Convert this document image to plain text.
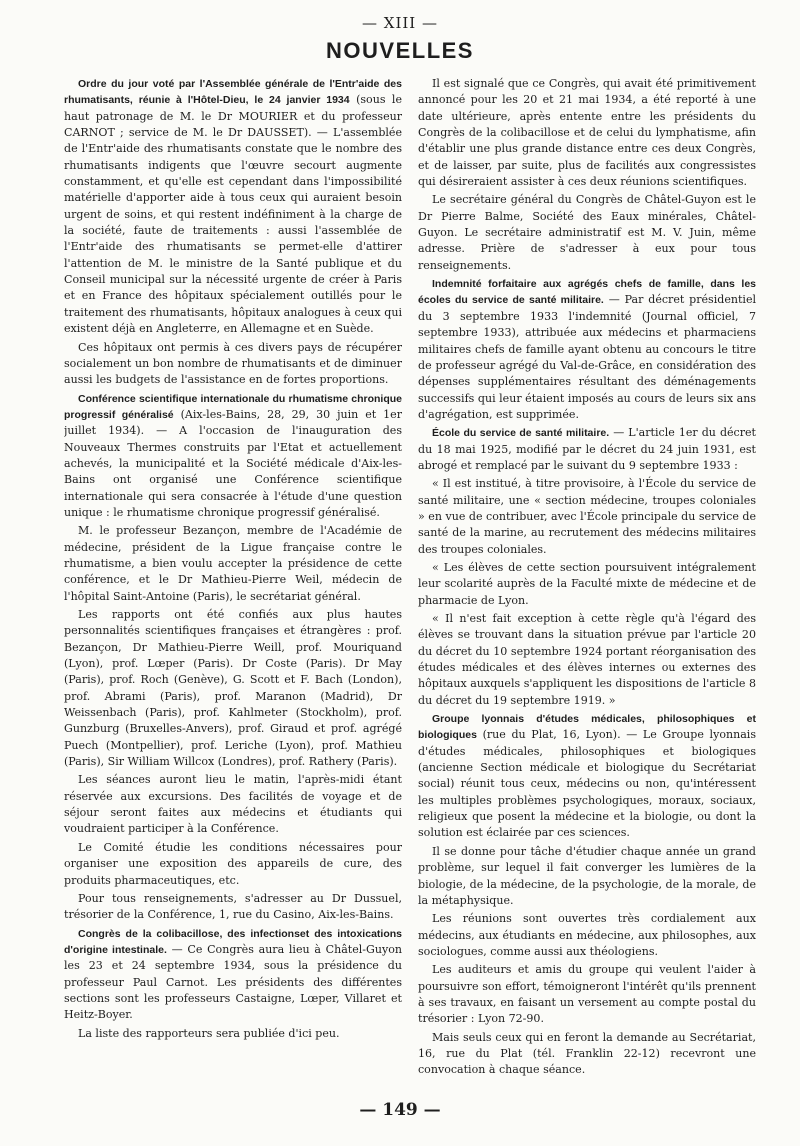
— XIII —
NOUVELLES

Ordre du jour voté par l'Assemblée générale de l'Entr'aide des rhumatisants, réunie à l'Hôtel-Dieu, le 24 janvier 1934 (sous le haut patronage de M. le Dr MOURIER et du professeur CARNOT ; service de M. le Dr DAUSSET). — L'assemblée de l'Entr'aide des rhumatisants constate que le nombre des rhumatisants indigents que l'œuvre secourt augmente constamment, et qu'elle est cependant dans l'impossibilité matérielle d'apporter aide à tous ceux qui auraient besoin urgent de soins, et qui restent indéfiniment à la charge de la société, faute de traitements : aussi l'assemblée de l'Entr'aide des rhumatisants se permet-elle d'attirer l'attention de M. le ministre de la Santé publique et du Conseil municipal sur la nécessité urgente de créer à Paris et en France des hôpitaux spécialement outillés pour le traitement des rhumatisants, hôpitaux analogues à ceux qui existent déjà en Angleterre, en Allemagne et en Suède.

Ces hôpitaux ont permis à ces divers pays de récupérer socialement un bon nombre de rhumatisants et de diminuer aussi les budgets de l'assistance en de fortes proportions.

Conférence scientifique internationale du rhumatisme chronique progressif généralisé (Aix-les-Bains, 28, 29, 30 juin et 1er juillet 1934). — A l'occasion de l'inauguration des Nouveaux Thermes construits par l'Etat et actuellement achevés, la municipalité et la Société médicale d'Aix-les-Bains ont organisé une Conférence scientifique internationale qui sera consacrée à l'étude d'une question unique : le rhumatisme chronique progressif généralisé.

M. le professeur Bezançon, membre de l'Académie de médecine, président de la Ligue française contre le rhumatisme, a bien voulu accepter la présidence de cette conférence, et le Dr Mathieu-Pierre Weil, médecin de l'hôpital Saint-Antoine (Paris), le secrétariat général.

Les rapports ont été confiés aux plus hautes personnalités scientifiques françaises et étrangères : prof. Bezançon, Dr Mathieu-Pierre Weill, prof. Mouriquand (Lyon), prof. Lœper (Paris). Dr Coste (Paris). Dr May (Paris), prof. Roch (Genève), G. Scott et F. Bach (London), prof. Abrami (Paris), prof. Maranon (Madrid), Dr Weissenbach (Paris), prof. Kahlmeter (Stockholm), prof. Gunzburg (Bruxelles-Anvers), prof. Giraud et prof. agrégé Puech (Montpellier), prof. Leriche (Lyon), prof. Mathieu (Paris), Sir William Willcox (Londres), prof. Rathery (Paris).

Les séances auront lieu le matin, l'après-midi étant réservée aux excursions. Des facilités de voyage et de séjour seront faites aux médecins et étudiants qui voudraient participer à la Conférence.

Le Comité étudie les conditions nécessaires pour organiser une exposition des appareils de cure, des produits pharmaceutiques, etc.

Pour tous renseignements, s'adresser au Dr Dussuel, trésorier de la Conférence, 1, rue du Casino, Aix-les-Bains.

Congrès de la colibacillose, des infectionset des intoxications d'origine intestinale. — Ce Congrès aura lieu à Châtel-Guyon les 23 et 24 septembre 1934, sous la présidence du professeur Paul Carnot. Les présidents des différentes sections sont les professeurs Castaigne, Lœper, Villaret et Heitz-Boyer.

La liste des rapporteurs sera publiée d'ici peu.

Il est signalé que ce Congrès, qui avait été primitivement annoncé pour les 20 et 21 mai 1934, a été reporté à une date ultérieure, après entente entre les présidents du Congrès de la colibacillose et de celui du lymphatisme, afin d'établir une plus grande distance entre ces deux Congrès, et de laisser, par suite, plus de facilités aux congressistes qui désireraient assister à ces deux réunions scientifiques.

Le secrétaire général du Congrès de Châtel-Guyon est le Dr Pierre Balme, Société des Eaux minérales, Châtel-Guyon. Le secrétaire administratif est M. V. Juin, même adresse. Prière de s'adresser à eux pour tous renseignements.

Indemnité forfaitaire aux agrégés chefs de famille, dans les écoles du service de santé militaire. — Par décret présidentiel du 3 septembre 1933 l'indemnité (Journal officiel, 7 septembre 1933), attribuée aux médecins et pharmaciens militaires chefs de famille ayant obtenu au concours le titre de professeur agrégé du Val-de-Grâce, en considération des dépenses supplémentaires résultant des déménagements successifs qui leur étaient imposés au cours de leurs six ans d'agrégation, est supprimée.

École du service de santé militaire. — L'article 1er du décret du 18 mai 1925, modifié par le décret du 24 juin 1931, est abrogé et remplacé par le suivant du 9 septembre 1933 :

« Il est institué, à titre provisoire, à l'École du service de santé militaire, une « section médecine, troupes coloniales » en vue de contribuer, avec l'École principale du service de santé de la marine, au recrutement des médecins militaires des troupes coloniales.

« Les élèves de cette section poursuivent intégralement leur scolarité auprès de la Faculté mixte de médecine et de pharmacie de Lyon.

« Il n'est fait exception à cette règle qu'à l'égard des élèves se trouvant dans la situation prévue par l'article 20 du décret du 10 septembre 1924 portant réorganisation des études médicales et des élèves internes ou externes des hôpitaux auxquels s'appliquent les dispositions de l'article 8 du décret du 19 septembre 1919. »

Groupe lyonnais d'études médicales, philosophiques et biologiques (rue du Plat, 16, Lyon). — Le Groupe lyonnais d'études médicales, philosophiques et biologiques (ancienne Section médicale et biologique du Secrétariat social) réunit tous ceux, médecins ou non, qu'intéressent les multiples problèmes psychologiques, moraux, sociaux, religieux que posent la médecine et la biologie, ou dont la solution est éclairée par ces sciences.

Il se donne pour tâche d'étudier chaque année un grand problème, sur lequel il fait converger les lumières de la biologie, de la médecine, de la psychologie, de la morale, de la métaphysique.

Les réunions sont ouvertes très cordialement aux médecins, aux étudiants en médecine, aux philosophes, aux sociologues, comme aussi aux théologiens.

Les auditeurs et amis du groupe qui veulent l'aider à poursuivre son effort, témoigneront l'intérêt qu'ils prennent à ses travaux, en faisant un versement au compte postal du trésorier : Lyon 72-90.

Mais seuls ceux qui en feront la demande au Secrétariat, 16, rue du Plat (tél. Franklin 22-12) recevront une convocation à chaque séance.

— 149 —
